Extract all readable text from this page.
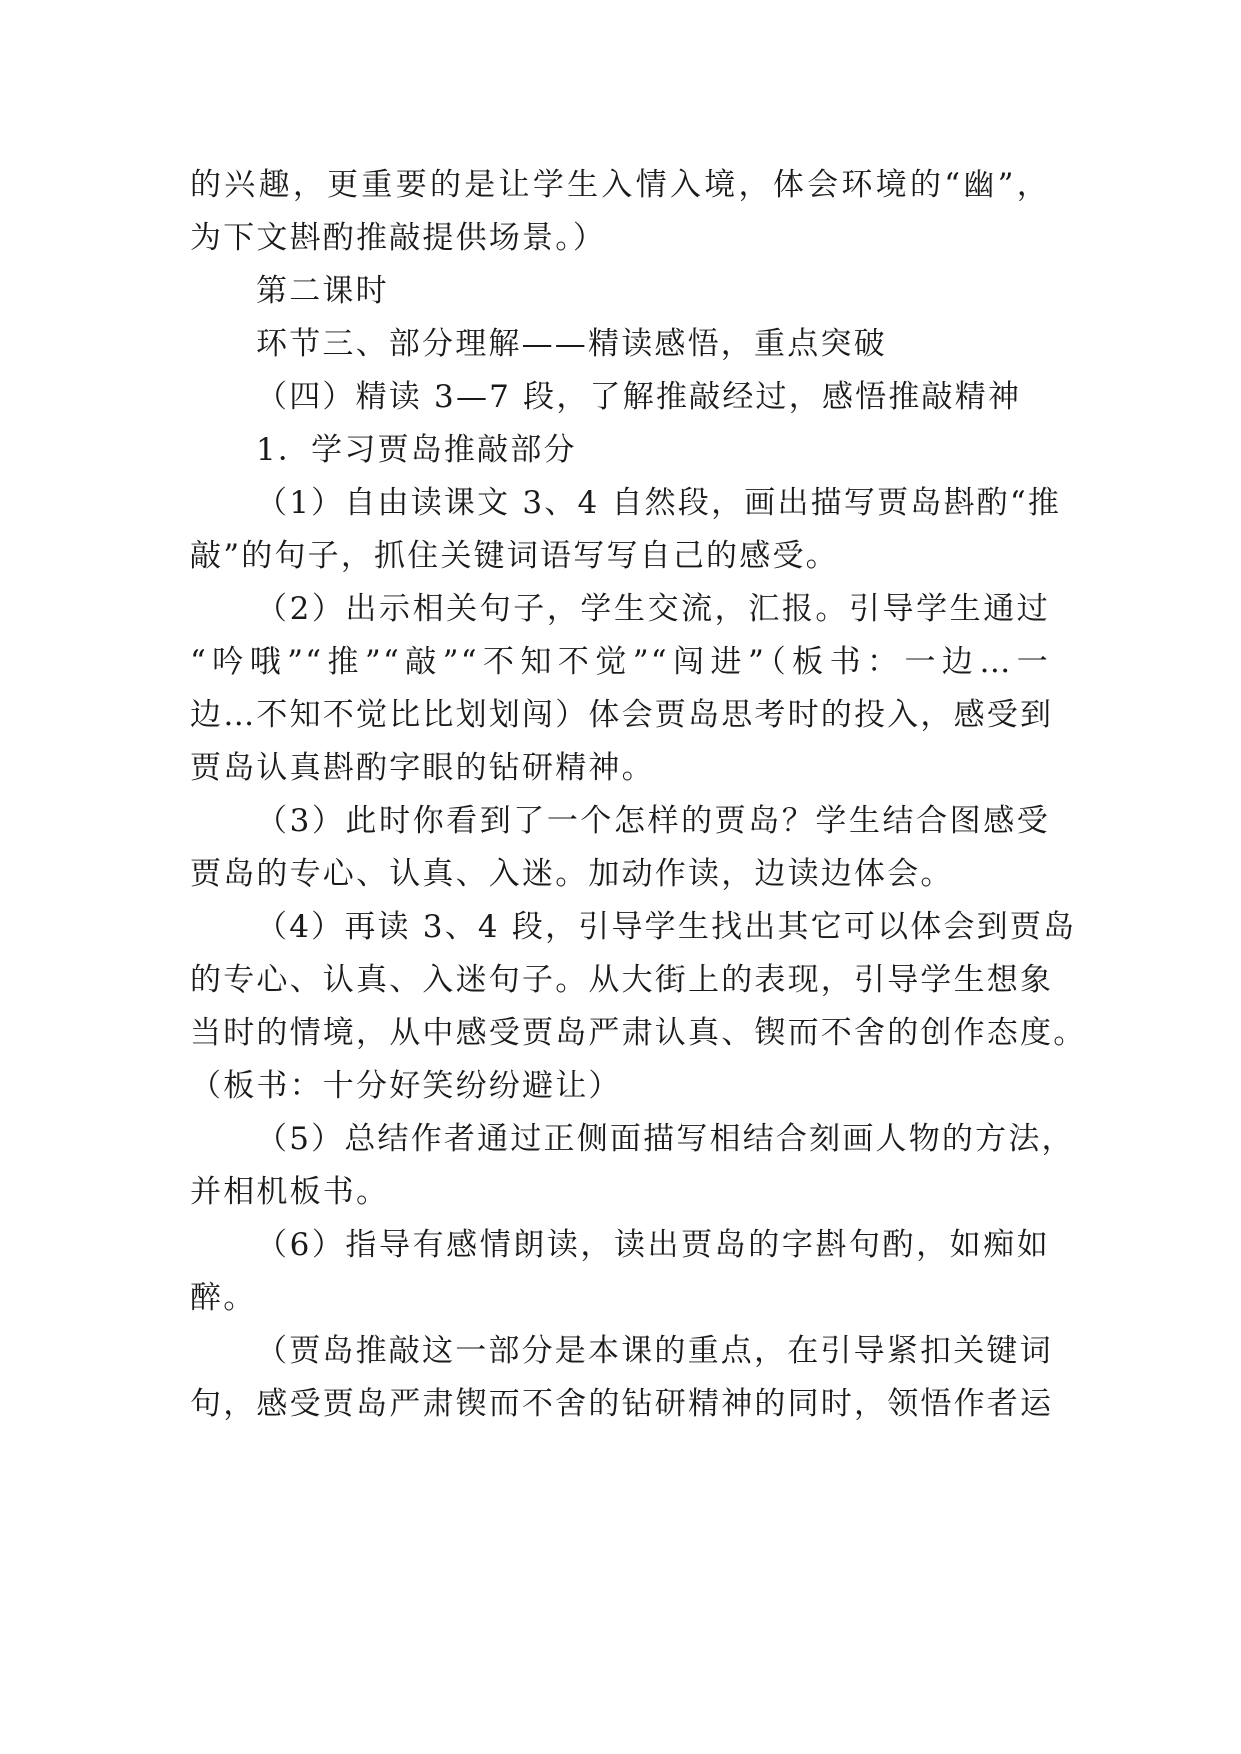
的兴趣，更重要的是让学生入情入境，体会环境的“幽”，
为下文斟酌推敲提供场景。）
第二课时
环节三、部分理解——精读感悟，重点突破
（四）精读 3—7 段，了解推敲经过，感悟推敲精神
1．学习贾岛推敲部分
（1）自由读课文 3、4 自然段，画出描写贾岛斟酌“推
敲”的句子，抓住关键词语写写自己的感受。
（2）出示相关句子，学生交流，汇报。引导学生通过
“吟哦”“推”“敲”“不知不觉”“闯进”（板书：一边…一
边…不知不觉比比划划闯）体会贾岛思考时的投入，感受到
贾岛认真斟酌字眼的钻研精神。
（3）此时你看到了一个怎样的贾岛？学生结合图感受
贾岛的专心、认真、入迷。加动作读，边读边体会。
（4）再读 3、4 段，引导学生找出其它可以体会到贾岛
的专心、认真、入迷句子。从大街上的表现，引导学生想象
当时的情境，从中感受贾岛严肃认真、锲而不舍的创作态度。
（板书：十分好笑纷纷避让）
（5）总结作者通过正侧面描写相结合刻画人物的方法，
并相机板书。
（6）指导有感情朗读，读出贾岛的字斟句酌，如痴如
醉。
（贾岛推敲这一部分是本课的重点，在引导紧扣关键词
句，感受贾岛严肃锲而不舍的钻研精神的同时，领悟作者运
